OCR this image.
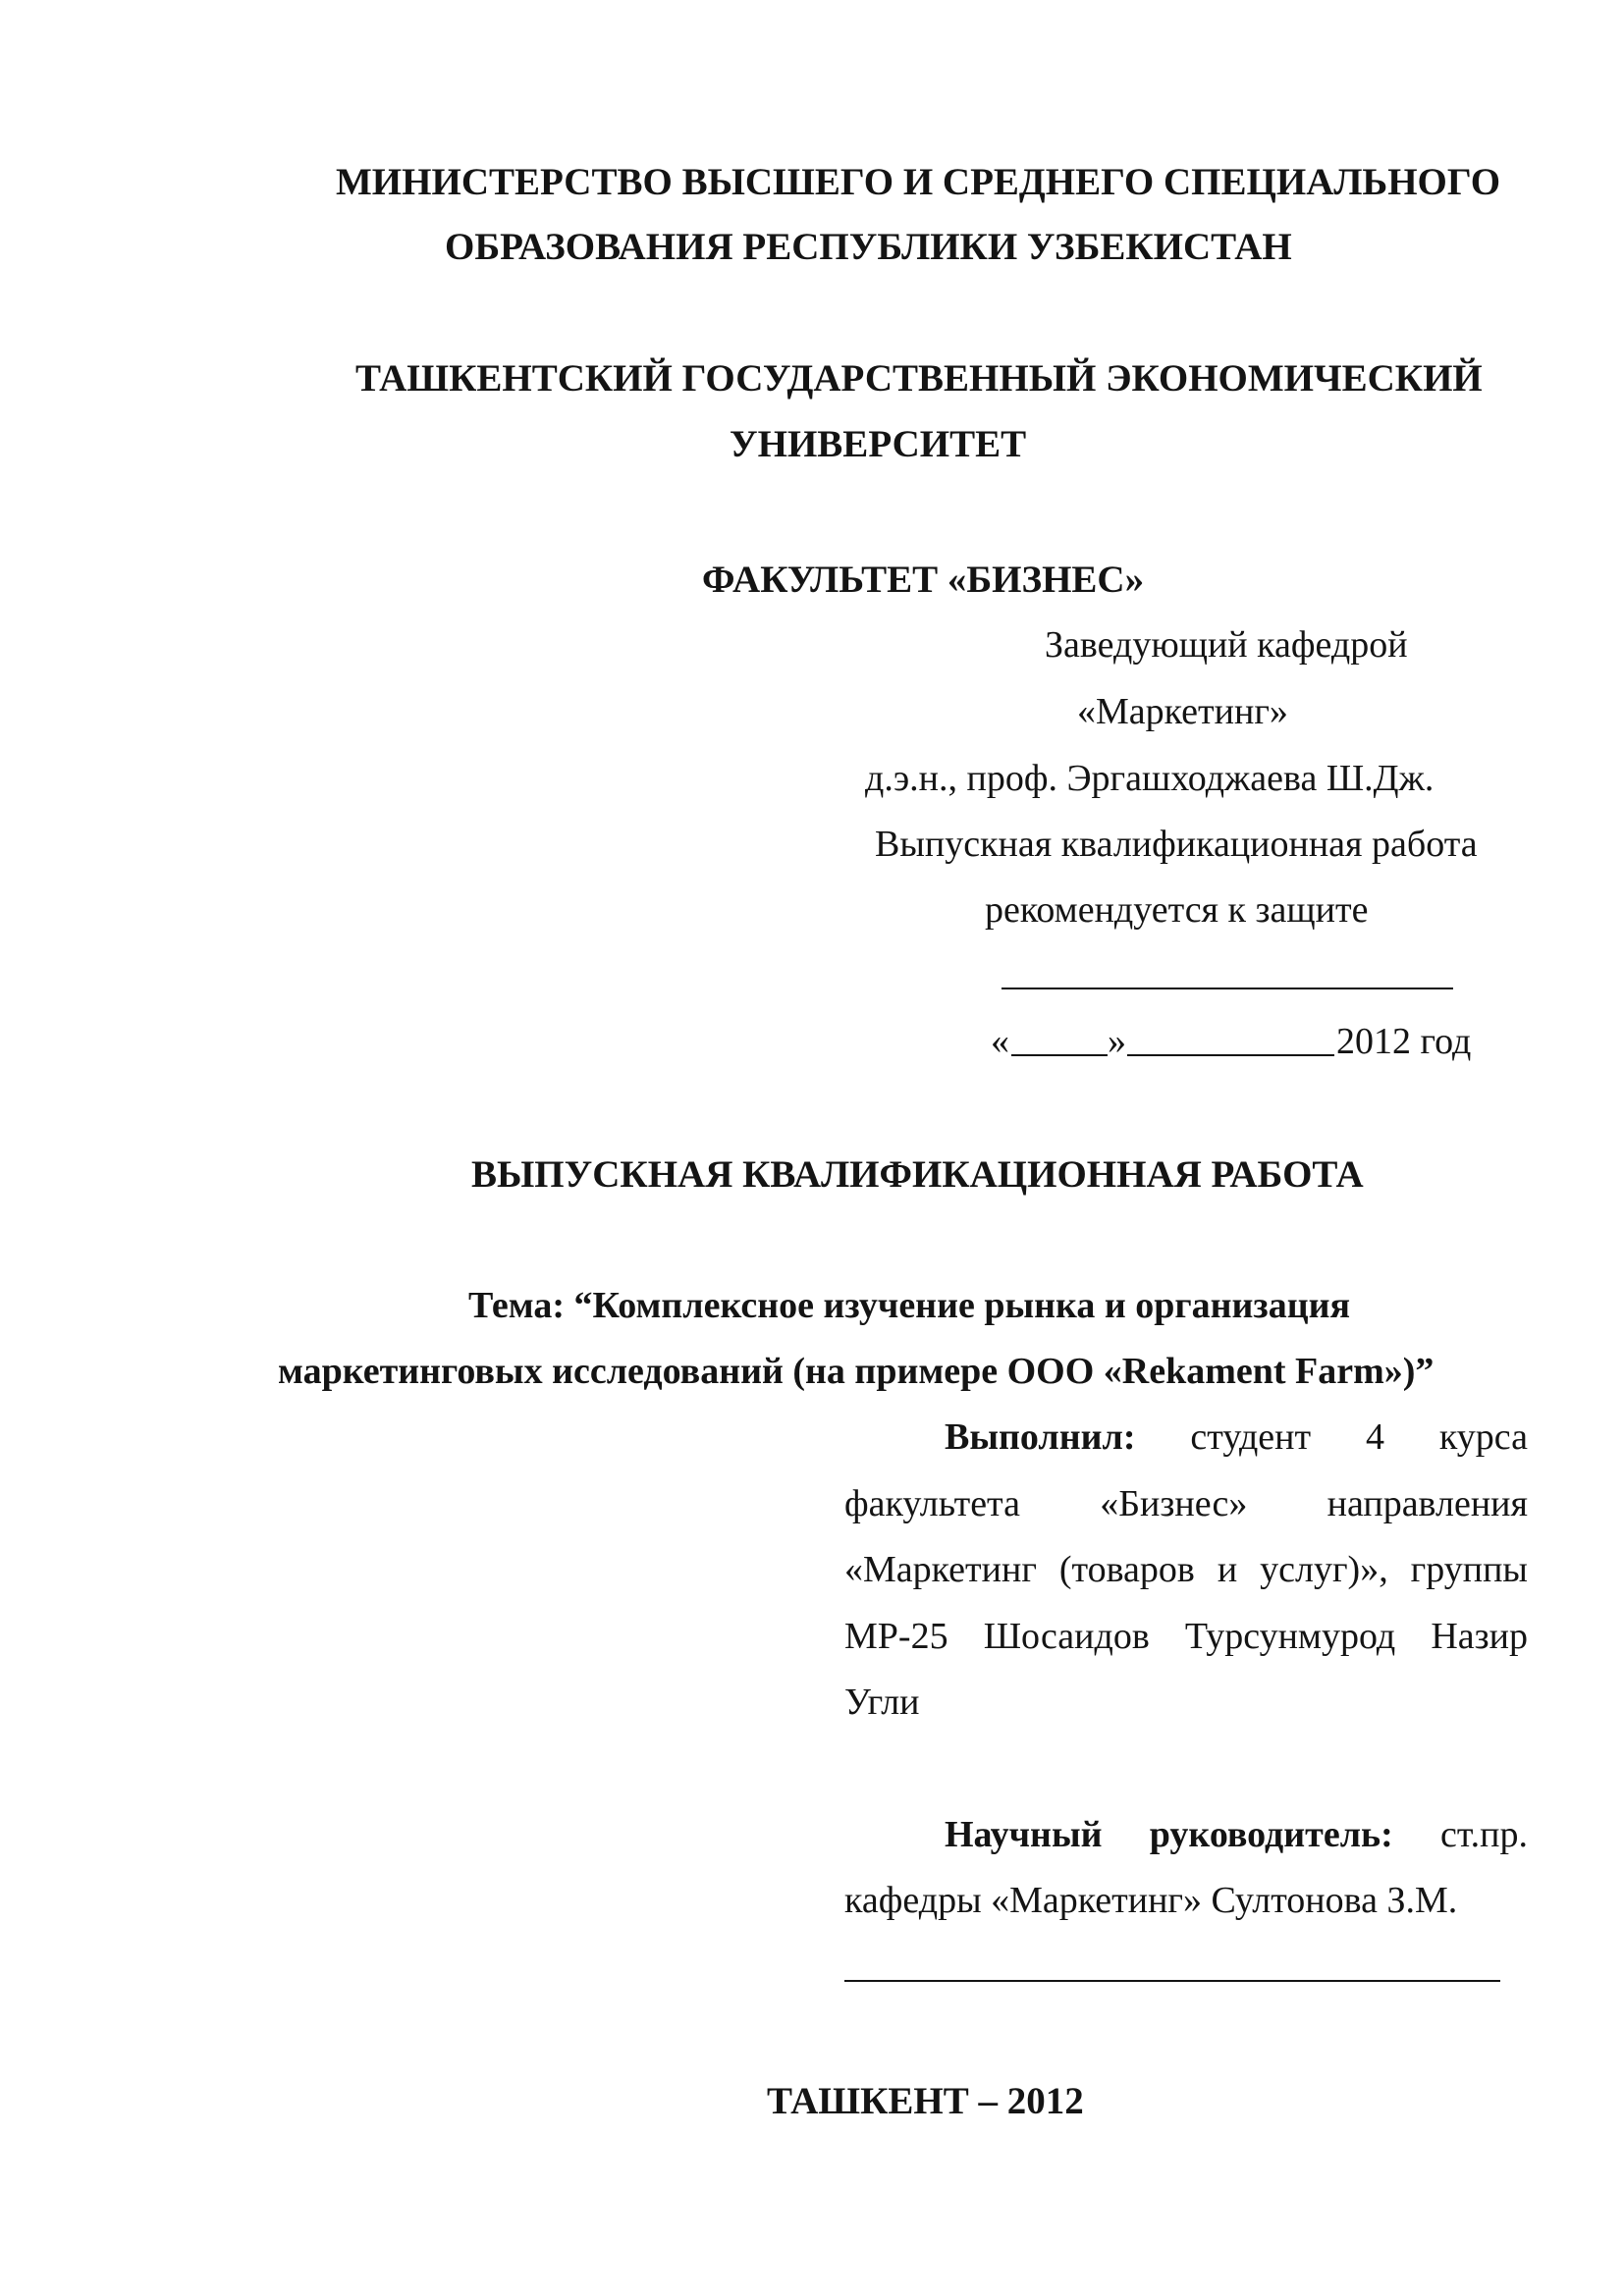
МИНИСТЕРСТВО ВЫСШЕГО И СРЕДНЕГО СПЕЦИАЛЬНОГО
ОБРАЗОВАНИЯ РЕСПУБЛИКИ УЗБЕКИСТАН
ТАШКЕНТСКИЙ ГОСУДАРСТВЕННЫЙ ЭКОНОМИЧЕСКИЙ
УНИВЕРСИТЕТ
ФАКУЛЬТЕТ «БИЗНЕС»
Заведующий кафедрой
«Маркетинг»
д.э.н., проф. Эргашходжаева Ш.Дж.
Выпускная квалификационная работа
рекомендуется к защите
«	»	2012 год
ВЫПУСКНАЯ КВАЛИФИКАЦИОННАЯ РАБОТА
Тема: “Комплексное изучение рынка и организация
маркетинговых исследований (на примере ООО «Rekament Farm»)”
Выполнил: студент 4 курса
факультета «Бизнес» направления
«Маркетинг (товаров и услуг)», группы
МР-25 Шосаидов Турсунмурод Назир
Угли
Научный руководитель: ст.пр.
кафедры «Маркетинг» Султонова З.М.
ТАШКЕНТ – 2012
